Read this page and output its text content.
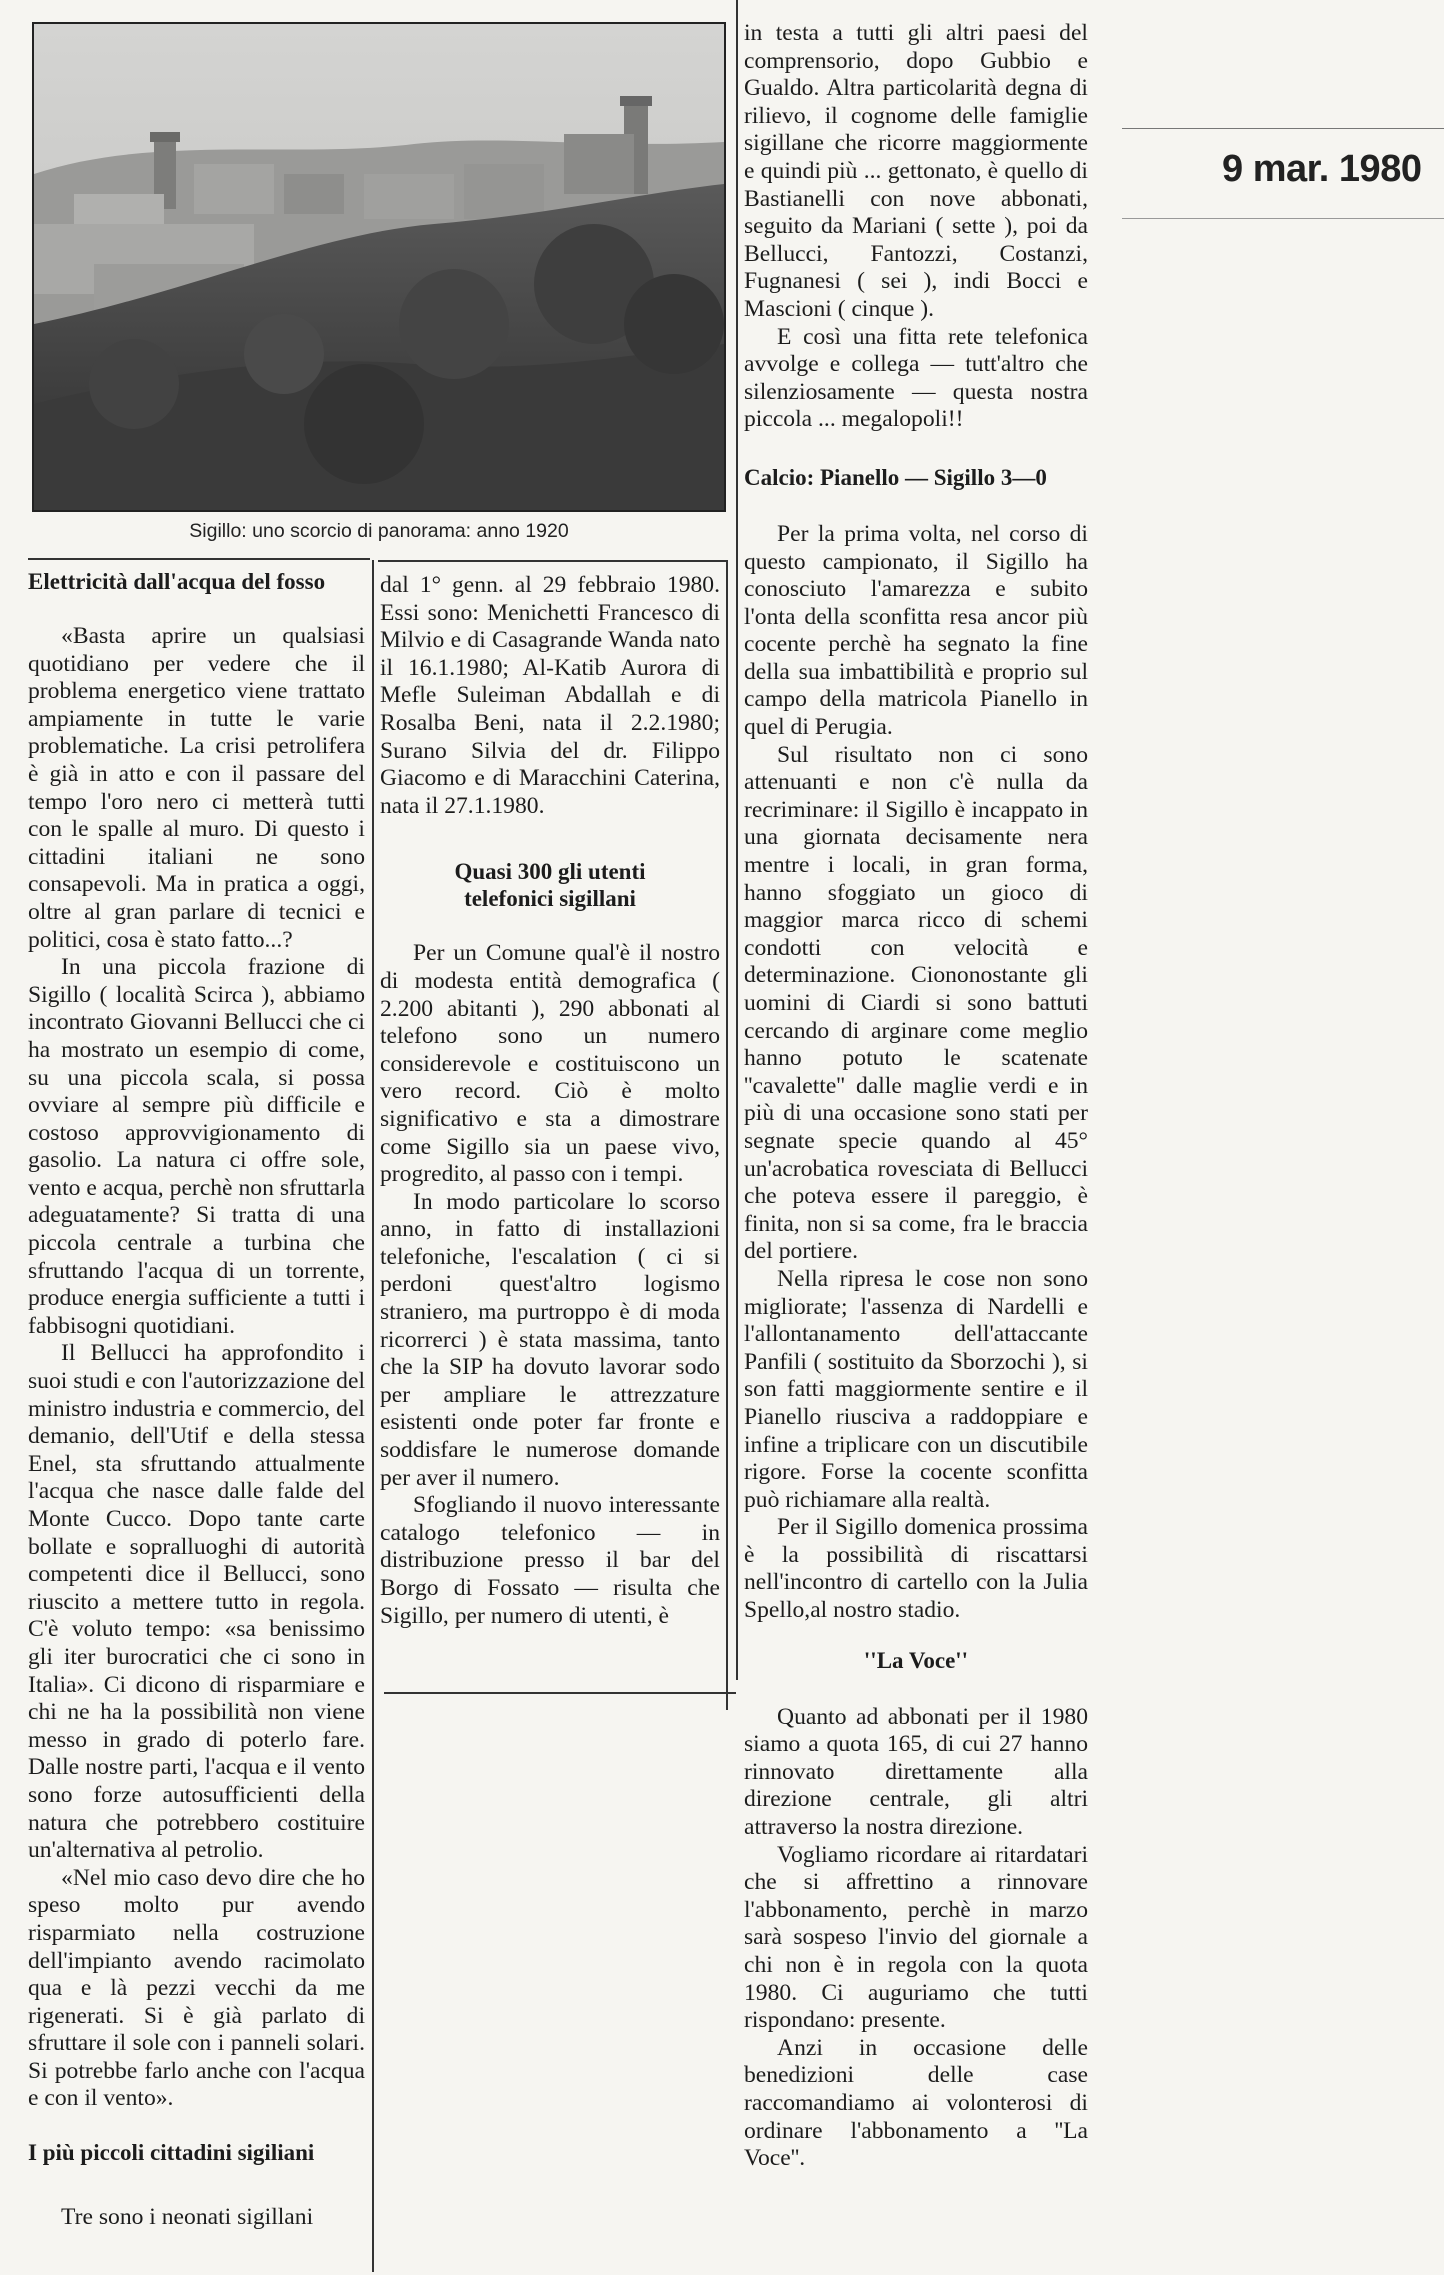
9 mar. 1980
Sigillo: uno scorcio di panorama: anno 1920
Elettricità dall'acqua del fosso

«Basta aprire un qualsiasi quotidiano per vedere che il problema energetico viene trattato ampiamente in tutte le varie problematiche. La crisi petrolifera è già in atto e con il passare del tempo l'oro nero ci metterà tutti con le spalle al muro. Di questo i cittadini italiani ne sono consapevoli. Ma in pratica a oggi, oltre al gran parlare di tecnici e politici, cosa è stato fatto...?

In una piccola frazione di Sigillo ( località Scirca ), abbiamo incontrato Giovanni Bellucci che ci ha mostrato un esempio di come, su una piccola scala, si possa ovviare al sempre più difficile e costoso approvvigionamento di gasolio. La natura ci offre sole, vento e acqua, perchè non sfruttarla adeguatamente? Si tratta di una piccola centrale a turbina che sfruttando l'acqua di un torrente, produce energia sufficiente a tutti i fabbisogni quotidiani.

Il Bellucci ha approfondito i suoi studi e con l'autorizzazione del ministro industria e commercio, del demanio, dell'Utif e della stessa Enel, sta sfruttando attualmente l'acqua che nasce dalle falde del Monte Cucco. Dopo tante carte bollate e sopralluoghi di autorità competenti dice il Bellucci, sono riuscito a mettere tutto in regola. C'è voluto tempo: «sa benissimo gli iter burocratici che ci sono in Italia». Ci dicono di risparmiare e chi ne ha la possibilità non viene messo in grado di poterlo fare. Dalle nostre parti, l'acqua e il vento sono forze autosufficienti della natura che potrebbero costituire un'alternativa al petrolio.

«Nel mio caso devo dire che ho speso molto pur avendo risparmiato nella costruzione dell'impianto avendo racimolato qua e là pezzi vecchi da me rigenerati. Si è già parlato di sfruttare il sole con i panneli solari. Si potrebbe farlo anche con l'acqua e con il vento».

I più piccoli cittadini sigiliani

Tre sono i neonati sigillani

dal 1° genn. al 29 febbraio 1980. Essi sono: Menichetti Francesco di Milvio e di Casagrande Wanda nato il 16.1.1980; Al-Katib Aurora di Mefle Suleiman Abdallah e di Rosalba Beni, nata il 2.2.1980; Surano Silvia del dr. Filippo Giacomo e di Maracchini Caterina, nata il 27.1.1980.

Quasi 300 gli utenti
telefonici sigillani

Per un Comune qual'è il nostro di modesta entità demografica ( 2.200 abitanti ), 290 abbonati al telefono sono un numero considerevole e costituiscono un vero record. Ciò è molto significativo e sta a dimostrare come Sigillo sia un paese vivo, progredito, al passo con i tempi.

In modo particolare lo scorso anno, in fatto di installazioni telefoniche, l'escalation ( ci si perdoni quest'altro logismo straniero, ma purtroppo è di moda ricorrerci ) è stata massima, tanto che la SIP ha dovuto lavorar sodo per ampliare le attrezzature esistenti onde poter far fronte e soddisfare le numerose domande per aver il numero.

Sfogliando il nuovo interessante catalogo telefonico — in distribuzione presso il bar del Borgo di Fossato — risulta che Sigillo, per numero di utenti, è

in testa a tutti gli altri paesi del comprensorio, dopo Gubbio e Gualdo. Altra particolarità degna di rilievo, il cognome delle famiglie sigillane che ricorre maggiormente e quindi più ... gettonato, è quello di Bastianelli con nove abbonati, seguito da Mariani ( sette ), poi da Bellucci, Fantozzi, Costanzi, Fugnanesi ( sei ), indi Bocci e Mascioni ( cinque ).

E così una fitta rete telefonica avvolge e collega — tutt'altro che silenziosamente — questa nostra piccola ... megalopoli!!

Calcio: Pianello — Sigillo 3—0

Per la prima volta, nel corso di questo campionato, il Sigillo ha conosciuto l'amarezza e subito l'onta della sconfitta resa ancor più cocente perchè ha segnato la fine della sua imbattibilità e proprio sul campo della matricola Pianello in quel di Perugia.

Sul risultato non ci sono attenuanti e non c'è nulla da recriminare: il Sigillo è incappato in una giornata decisamente nera mentre i locali, in gran forma, hanno sfoggiato un gioco di maggior marca ricco di schemi condotti con velocità e determinazione. Ciononostante gli uomini di Ciardi si sono battuti cercando di arginare come meglio hanno potuto le scatenate ''cavalette'' dalle maglie verdi e in più di una occasione sono stati per segnate specie quando al 45° un'acrobatica rovesciata di Bellucci che poteva essere il pareggio, è finita, non si sa come, fra le braccia del portiere.

Nella ripresa le cose non sono migliorate; l'assenza di Nardelli e l'allontanamento dell'attaccante Panfili ( sostituito da Sborzochi ), si son fatti maggiormente sentire e il Pianello riusciva a raddoppiare e infine a triplicare con un discutibile rigore. Forse la cocente sconfitta può richiamare alla realtà.

Per il Sigillo domenica prossima è la possibilità di riscattarsi nell'incontro di cartello con la Julia Spello,al nostro stadio.

''La Voce''

Quanto ad abbonati per il 1980 siamo a quota 165, di cui 27 hanno rinnovato direttamente alla direzione centrale, gli altri attraverso la nostra direzione.

Vogliamo ricordare ai ritardatari che si affrettino a rinnovare l'abbonamento, perchè in marzo sarà sospeso l'invio del giornale a chi non è in regola con la quota 1980. Ci auguriamo che tutti rispondano: presente.

Anzi in occasione delle benedizioni delle case raccomandiamo ai volonterosi di ordinare l'abbonamento a ''La Voce''.
